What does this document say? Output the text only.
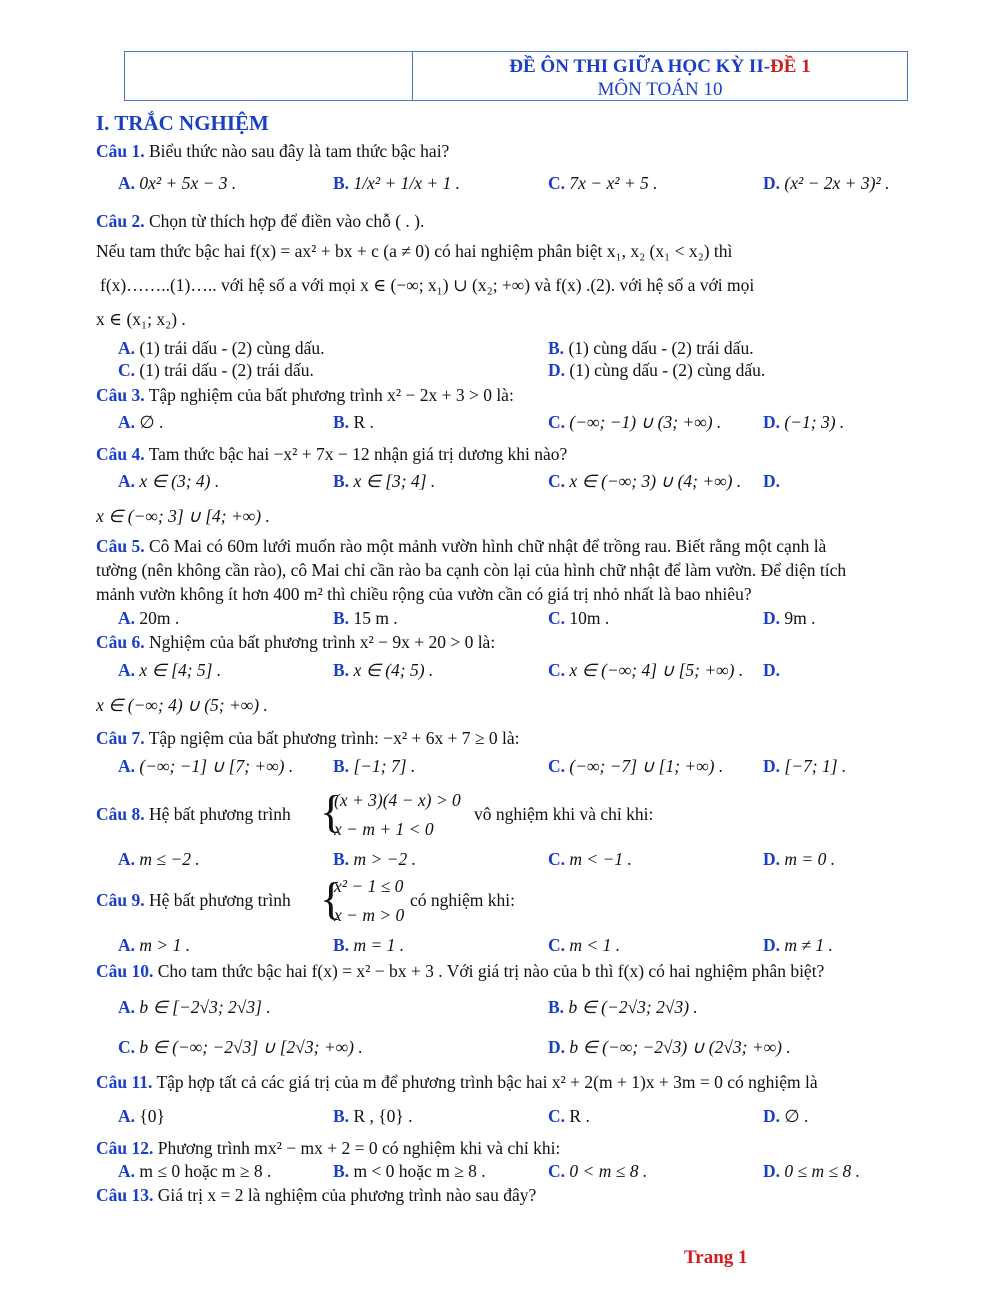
ĐỀ ÔN THI GIỮA HỌC KỲ II-ĐỀ 1
MÔN TOÁN 10
I. TRẮC NGHIỆM
Câu 1. Biểu thức nào sau đây là tam thức bậc hai?
A. 0x² + 5x − 3 .	B. 1/x² + 1/x + 1 .	C. 7x − x² + 5 .	D. (x² − 2x + 3)² .
Câu 2. Chọn từ thích hợp để điền vào chỗ ( . ).
Nếu tam thức bậc hai f(x) = ax² + bx + c (a ≠ 0) có hai nghiệm phân biệt x₁, x₂ (x₁ < x₂) thì
f(x)……..(1)….. với hệ số a với mọi x ∈ (−∞; x₁) ∪ (x₂; +∞) và f(x) .(2). với hệ số a với mọi
x ∈ (x₁; x₂) .
A. (1) trái dấu - (2) cùng dấu.	B. (1) cùng dấu - (2) trái dấu.
C. (1) trái dấu - (2) trái dấu.	D. (1) cùng dấu - (2) cùng dấu.
Câu 3. Tập nghiệm của bất phương trình x² − 2x + 3 > 0 là:
A. ∅ .	B. R .	C. (−∞; −1) ∪ (3; +∞) . D. (−1; 3) .
Câu 4. Tam thức bậc hai −x² + 7x − 12 nhận giá trị dương khi nào?
A. x ∈ (3; 4) .	B. x ∈ [3; 4] .	C. x ∈ (−∞; 3) ∪ (4; +∞) . D.
x ∈ (−∞; 3] ∪ [4; +∞) .
Câu 5. Cô Mai có 60m lưới muốn rào một mảnh vườn hình chữ nhật để trồng rau. Biết rằng một cạnh là
tường (nên không cần rào), cô Mai chỉ cần rào ba cạnh còn lại của hình chữ nhật để làm vườn. Để diện tích
mảnh vườn không ít hơn 400 m² thì chiều rộng của vườn cần có giá trị nhỏ nhất là bao nhiêu?
A. 20m .	B. 15 m .	C. 10m .	D. 9m .
Câu 6. Nghiệm của bất phương trình x² − 9x + 20 > 0 là:
A. x ∈ [4; 5] .	B. x ∈ (4; 5) .	C. x ∈ (−∞; 4] ∪ [5; +∞) . D.
x ∈ (−∞; 4) ∪ (5; +∞) .
Câu 7. Tập ngiệm của bất phương trình: −x² + 6x + 7 ≥ 0 là:
A. (−∞; −1] ∪ [7; +∞) . B. [−1; 7] .	C. (−∞; −7] ∪ [1; +∞) . D. [−7; 1] .
Câu 8. Hệ bất phương trình {
(x + 3)(4 − x) > 0
x − m + 1 < 0
vô nghiệm khi và chỉ khi:
A. m ≤ −2 .	B. m > −2 .	C. m < −1 .	D. m = 0 .
Câu 9. Hệ bất phương trình {
x² − 1 ≤ 0
x − m > 0
có nghiệm khi:
A. m > 1 .	B. m = 1 .	C. m < 1 .	D. m ≠ 1 .
Câu 10. Cho tam thức bậc hai f(x) = x² − bx + 3 . Với giá trị nào của b thì f(x) có hai nghiệm phân biệt?
A. b ∈ [−2√3; 2√3] .	B. b ∈ (−2√3; 2√3) .
C. b ∈ (−∞; −2√3] ∪ [2√3; +∞) .	D. b ∈ (−∞; −2√3) ∪ (2√3; +∞) .
Câu 11. Tập hợp tất cả các giá trị của m để phương trình bậc hai x² + 2(m + 1)x + 3m = 0 có nghiệm là
A. {0}	B. R , {0} .	C. R .	D. ∅ .
Câu 12. Phương trình mx² − mx + 2 = 0 có nghiệm khi và chỉ khi:
A. m ≤ 0 hoặc m ≥ 8 .	B. m < 0 hoặc m ≥ 8 .	C. 0 < m ≤ 8 .	D. 0 ≤ m ≤ 8 .
Câu 13. Giá trị x = 2 là nghiệm của phương trình nào sau đây?
Trang 1
